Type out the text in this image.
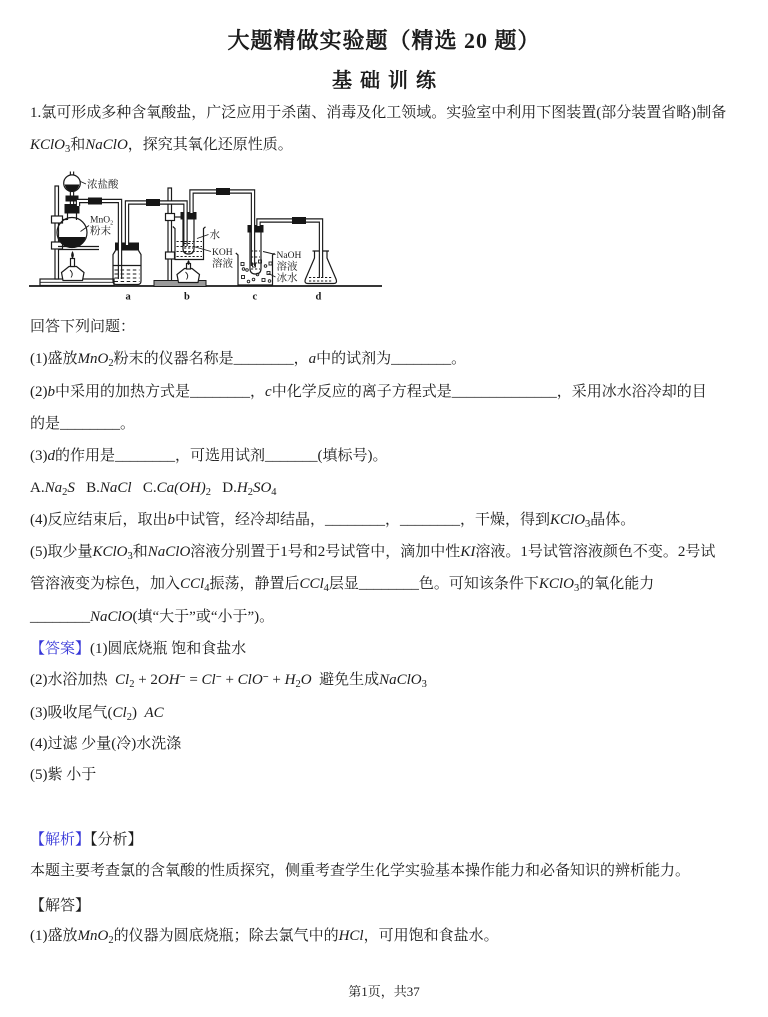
大题精做实验题（精选 20 题）
基础训练
1.氯可形成多种含氧酸盐，广泛应用于杀菌、消毒及化工领域。实验室中利用下图装置(部分装置省略)制备
KClO$_3$和NaClO，探究其氧化还原性质。
浓盐酸
MnO₂
粉末	水
KOH
溶液
NaOH
溶液
冰水
a	b	c	d
回答下列问题：
(1)盛放MnO$_2$粉末的仪器名称是________，a中的试剂为________。
(2)b中采用的加热方式是________，c中化学反应的离子方程式是______________，采用冰水浴冷却的目
的是________。
(3)d的作用是________，可选用试剂_______(填标号)。
$A.Na_2S$   B.NaCl   $C.Ca(OH)_2$   $D.H_2SO_4$
(4)反应结束后，取出b中试管，经冷却结晶，________，________，干燥，得到KClO$_3$晶体。
(5)取少量KClO$_3$和NaClO溶液分别置于1号和2号试管中，滴加中性KI溶液。1号试管溶液颜色不变。2号试
管溶液变为棕色，加入CCl$_4$振荡，静置后CCl$_4$层显________色。可知该条件下KClO$_3$的氧化能力
________NaClO(填“大于”或“小于”)。
【答案】(1)圆底烧瓶 饱和食盐水
(2)水浴加热  $Cl_2 + 2OH^- = Cl^- + ClO^- + H_2O$  避免生成NaClO$_3$
(3)吸收尾气$(Cl_2)$  AC
(4)过滤 少量(冷)水洗涤
(5)紫 小于
【解析】【分析】
本题主要考查氯的含氧酸的性质探究，侧重考查学生化学实验基本操作能力和必备知识的辨析能力。
【解答】
(1)盛放MnO$_2$的仪器为圆底烧瓶；除去氯气中的HCl，可用饱和食盐水。
第1页，共37
